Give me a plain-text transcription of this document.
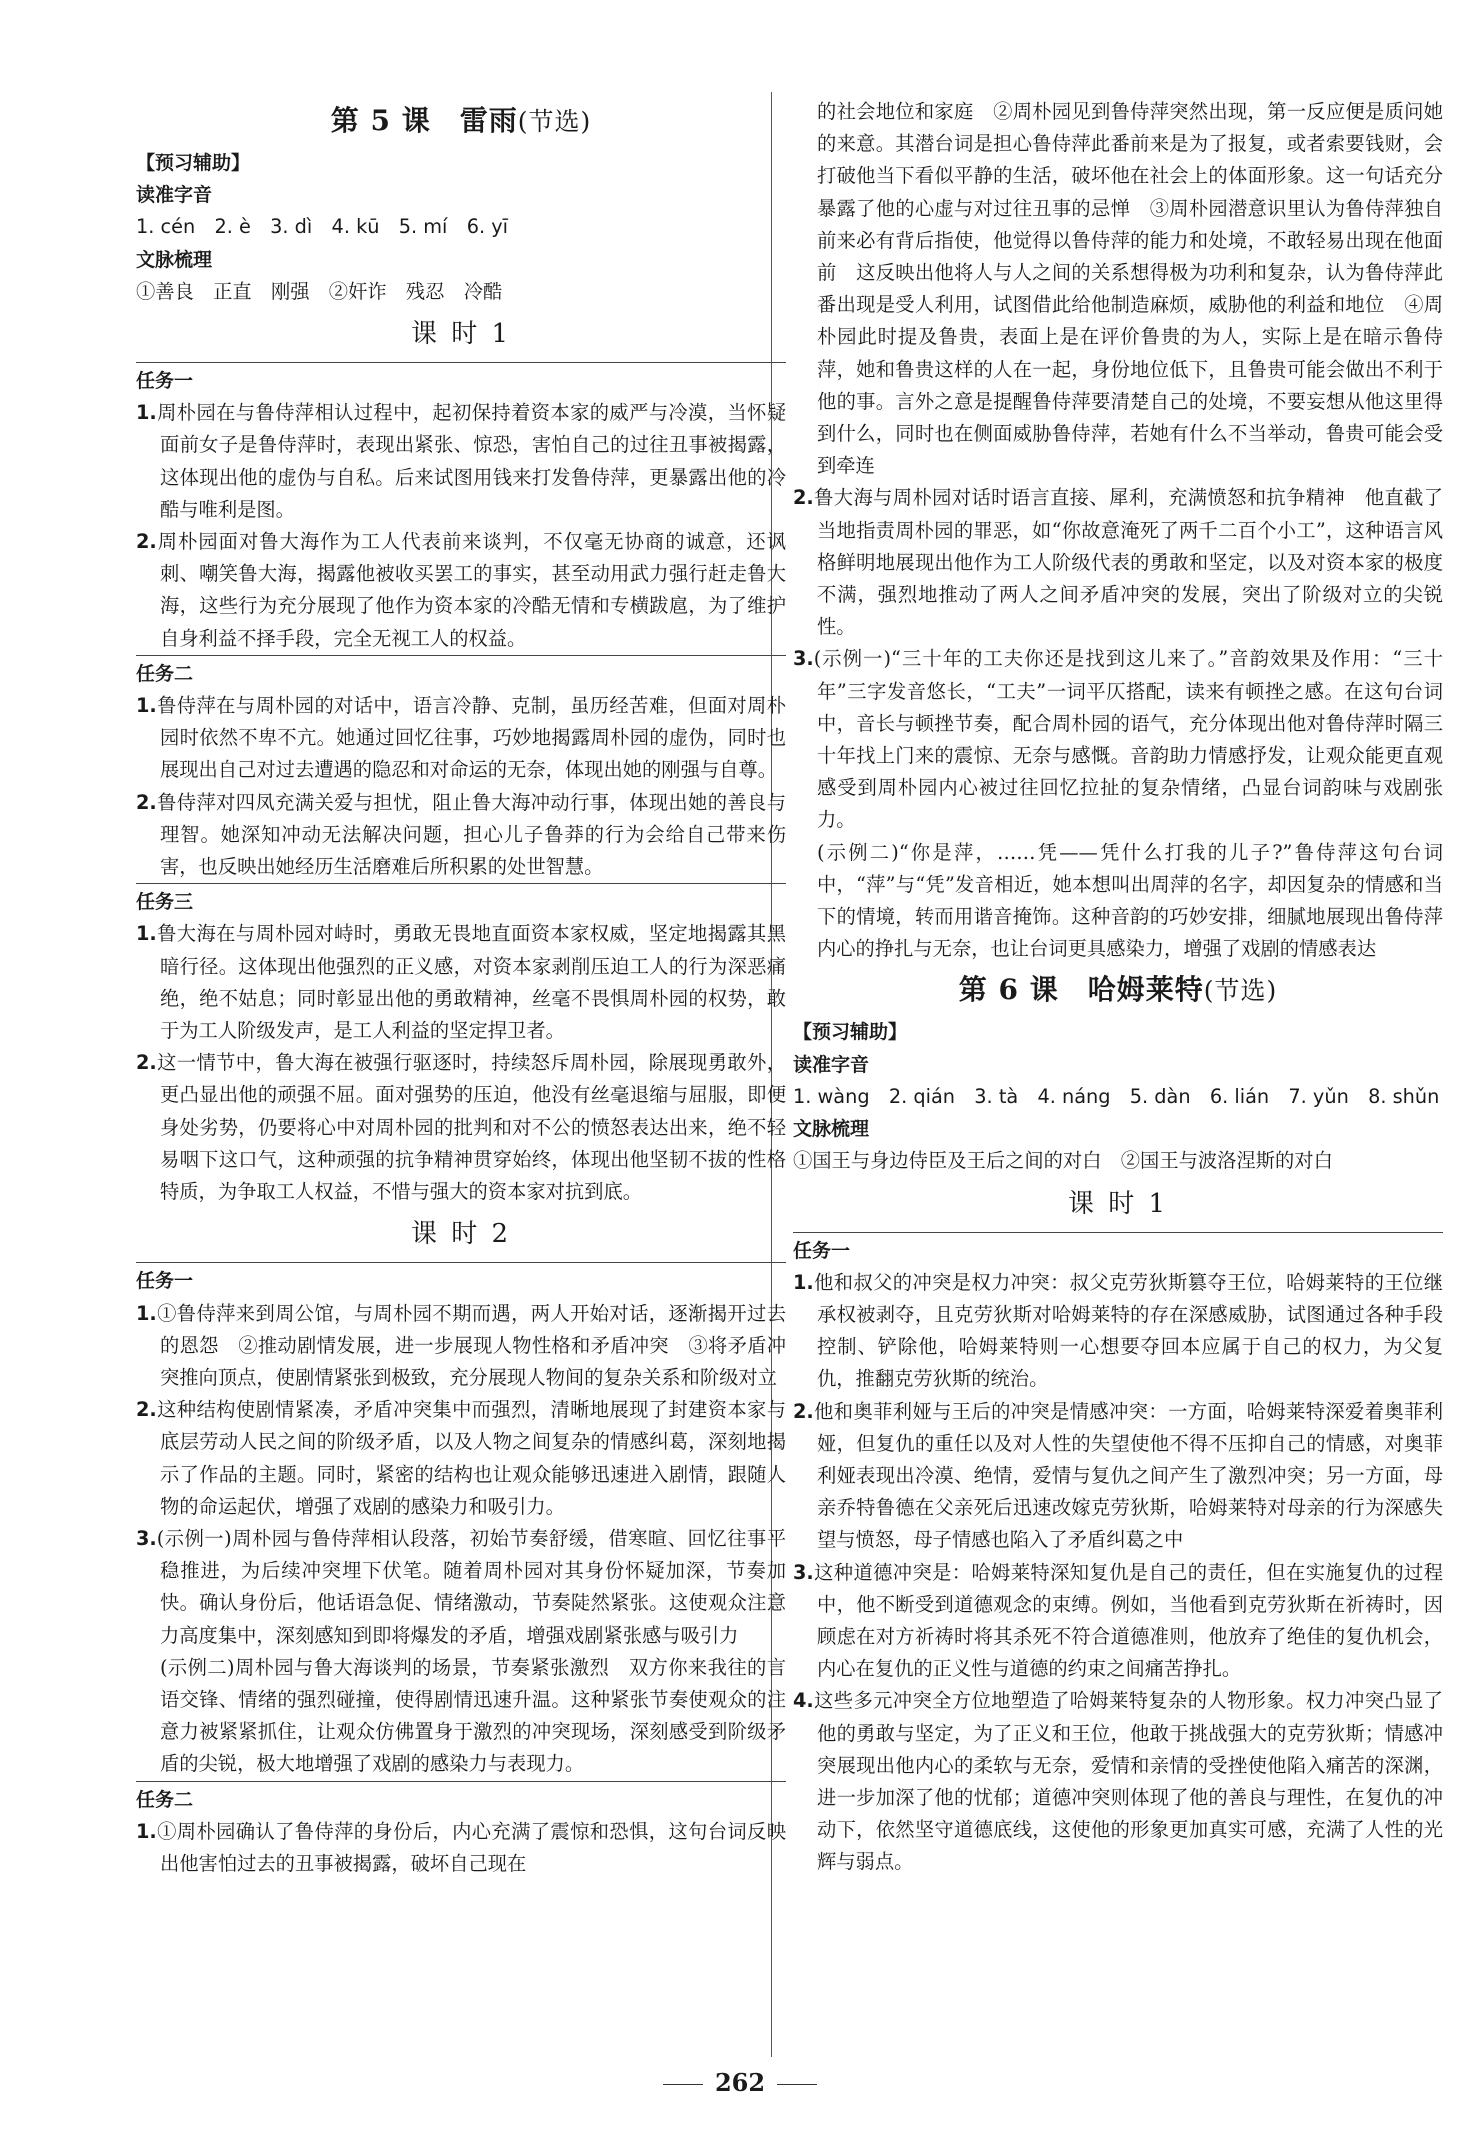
第 5 课　雷雨(节选)

【预习辅助】

读准字音

1. cén　2. è　3. dì　4. kū　5. mí　6. yī

文脉梳理

①善良　正直　刚强　②奸诈　残忍　冷酷

课 时 1

任务一

1.周朴园在与鲁侍萍相认过程中，起初保持着资本家的威严与冷漠，当怀疑面前女子是鲁侍萍时，表现出紧张、惊恐，害怕自己的过往丑事被揭露，这体现出他的虚伪与自私。后来试图用钱来打发鲁侍萍，更暴露出他的冷酷与唯利是图。

2.周朴园面对鲁大海作为工人代表前来谈判，不仅毫无协商的诚意，还讽刺、嘲笑鲁大海，揭露他被收买罢工的事实，甚至动用武力强行赶走鲁大海，这些行为充分展现了他作为资本家的冷酷无情和专横跋扈，为了维护自身利益不择手段，完全无视工人的权益。

任务二

1.鲁侍萍在与周朴园的对话中，语言冷静、克制，虽历经苦难，但面对周朴园时依然不卑不亢。她通过回忆往事，巧妙地揭露周朴园的虚伪，同时也展现出自己对过去遭遇的隐忍和对命运的无奈，体现出她的刚强与自尊。

2.鲁侍萍对四凤充满关爱与担忧，阻止鲁大海冲动行事，体现出她的善良与理智。她深知冲动无法解决问题，担心儿子鲁莽的行为会给自己带来伤害，也反映出她经历生活磨难后所积累的处世智慧。

任务三

1.鲁大海在与周朴园对峙时，勇敢无畏地直面资本家权威，坚定地揭露其黑暗行径。这体现出他强烈的正义感，对资本家剥削压迫工人的行为深恶痛绝，绝不姑息；同时彰显出他的勇敢精神，丝毫不畏惧周朴园的权势，敢于为工人阶级发声，是工人利益的坚定捍卫者。

2.这一情节中，鲁大海在被强行驱逐时，持续怒斥周朴园，除展现勇敢外，更凸显出他的顽强不屈。面对强势的压迫，他没有丝毫退缩与屈服，即便身处劣势，仍要将心中对周朴园的批判和对不公的愤怒表达出来，绝不轻易咽下这口气，这种顽强的抗争精神贯穿始终，体现出他坚韧不拔的性格特质，为争取工人权益，不惜与强大的资本家对抗到底。

课 时 2

任务一

1.①鲁侍萍来到周公馆，与周朴园不期而遇，两人开始对话，逐渐揭开过去的恩怨　②推动剧情发展，进一步展现人物性格和矛盾冲突　③将矛盾冲突推向顶点，使剧情紧张到极致，充分展现人物间的复杂关系和阶级对立

2.这种结构使剧情紧凑，矛盾冲突集中而强烈，清晰地展现了封建资本家与底层劳动人民之间的阶级矛盾，以及人物之间复杂的情感纠葛，深刻地揭示了作品的主题。同时，紧密的结构也让观众能够迅速进入剧情，跟随人物的命运起伏，增强了戏剧的感染力和吸引力。

3.(示例一)周朴园与鲁侍萍相认段落，初始节奏舒缓，借寒暄、回忆往事平稳推进，为后续冲突埋下伏笔。随着周朴园对其身份怀疑加深，节奏加快。确认身份后，他话语急促、情绪激动，节奏陡然紧张。这使观众注意力高度集中，深刻感知到即将爆发的矛盾，增强戏剧紧张感与吸引力

(示例二)周朴园与鲁大海谈判的场景，节奏紧张激烈　双方你来我往的言语交锋、情绪的强烈碰撞，使得剧情迅速升温。这种紧张节奏使观众的注意力被紧紧抓住，让观众仿佛置身于激烈的冲突现场，深刻感受到阶级矛盾的尖锐，极大地增强了戏剧的感染力与表现力。

任务二

1.①周朴园确认了鲁侍萍的身份后，内心充满了震惊和恐惧，这句台词反映出他害怕过去的丑事被揭露，破坏自己现在

的社会地位和家庭　②周朴园见到鲁侍萍突然出现，第一反应便是质问她的来意。其潜台词是担心鲁侍萍此番前来是为了报复，或者索要钱财，会打破他当下看似平静的生活，破坏他在社会上的体面形象。这一句话充分暴露了他的心虚与对过往丑事的忌惮　③周朴园潜意识里认为鲁侍萍独自前来必有背后指使，他觉得以鲁侍萍的能力和处境，不敢轻易出现在他面前　这反映出他将人与人之间的关系想得极为功利和复杂，认为鲁侍萍此番出现是受人利用，试图借此给他制造麻烦，威胁他的利益和地位　④周朴园此时提及鲁贵，表面上是在评价鲁贵的为人，实际上是在暗示鲁侍萍，她和鲁贵这样的人在一起，身份地位低下，且鲁贵可能会做出不利于他的事。言外之意是提醒鲁侍萍要清楚自己的处境，不要妄想从他这里得到什么，同时也在侧面威胁鲁侍萍，若她有什么不当举动，鲁贵可能会受到牵连

2.鲁大海与周朴园对话时语言直接、犀利，充满愤怒和抗争精神　他直截了当地指责周朴园的罪恶，如“你故意淹死了两千二百个小工”，这种语言风格鲜明地展现出他作为工人阶级代表的勇敢和坚定，以及对资本家的极度不满，强烈地推动了两人之间矛盾冲突的发展，突出了阶级对立的尖锐性。

3.(示例一)“三十年的工夫你还是找到这儿来了。”音韵效果及作用：“三十年”三字发音悠长，“工夫”一词平仄搭配，读来有顿挫之感。在这句台词中，音长与顿挫节奏，配合周朴园的语气，充分体现出他对鲁侍萍时隔三十年找上门来的震惊、无奈与感慨。音韵助力情感抒发，让观众能更直观感受到周朴园内心被过往回忆拉扯的复杂情绪，凸显台词韵味与戏剧张力。

(示例二)“你是萍，……凭——凭什么打我的儿子?”鲁侍萍这句台词中，“萍”与“凭”发音相近，她本想叫出周萍的名字，却因复杂的情感和当下的情境，转而用谐音掩饰。这种音韵的巧妙安排，细腻地展现出鲁侍萍内心的挣扎与无奈，也让台词更具感染力，增强了戏剧的情感表达

第 6 课　哈姆莱特(节选)

【预习辅助】

读准字音

1. wàng　2. qián　3. tà　4. náng　5. dàn　6. lián　7. yǔn　8. shǔn

文脉梳理

①国王与身边侍臣及王后之间的对白　②国王与波洛涅斯的对白

课 时 1

任务一

1.他和叔父的冲突是权力冲突：叔父克劳狄斯篡夺王位，哈姆莱特的王位继承权被剥夺，且克劳狄斯对哈姆莱特的存在深感威胁，试图通过各种手段控制、铲除他，哈姆莱特则一心想要夺回本应属于自己的权力，为父复仇，推翻克劳狄斯的统治。

2.他和奥菲利娅与王后的冲突是情感冲突：一方面，哈姆莱特深爱着奥菲利娅，但复仇的重任以及对人性的失望使他不得不压抑自己的情感，对奥菲利娅表现出冷漠、绝情，爱情与复仇之间产生了激烈冲突；另一方面，母亲乔特鲁德在父亲死后迅速改嫁克劳狄斯，哈姆莱特对母亲的行为深感失望与愤怒，母子情感也陷入了矛盾纠葛之中

3.这种道德冲突是：哈姆莱特深知复仇是自己的责任，但在实施复仇的过程中，他不断受到道德观念的束缚。例如，当他看到克劳狄斯在祈祷时，因顾虑在对方祈祷时将其杀死不符合道德准则，他放弃了绝佳的复仇机会，内心在复仇的正义性与道德的约束之间痛苦挣扎。

4.这些多元冲突全方位地塑造了哈姆莱特复杂的人物形象。权力冲突凸显了他的勇敢与坚定，为了正义和王位，他敢于挑战强大的克劳狄斯；情感冲突展现出他内心的柔软与无奈，爱情和亲情的受挫使他陷入痛苦的深渊，进一步加深了他的忧郁；道德冲突则体现了他的善良与理性，在复仇的冲动下，依然坚守道德底线，这使他的形象更加真实可感，充满了人性的光辉与弱点。

262
